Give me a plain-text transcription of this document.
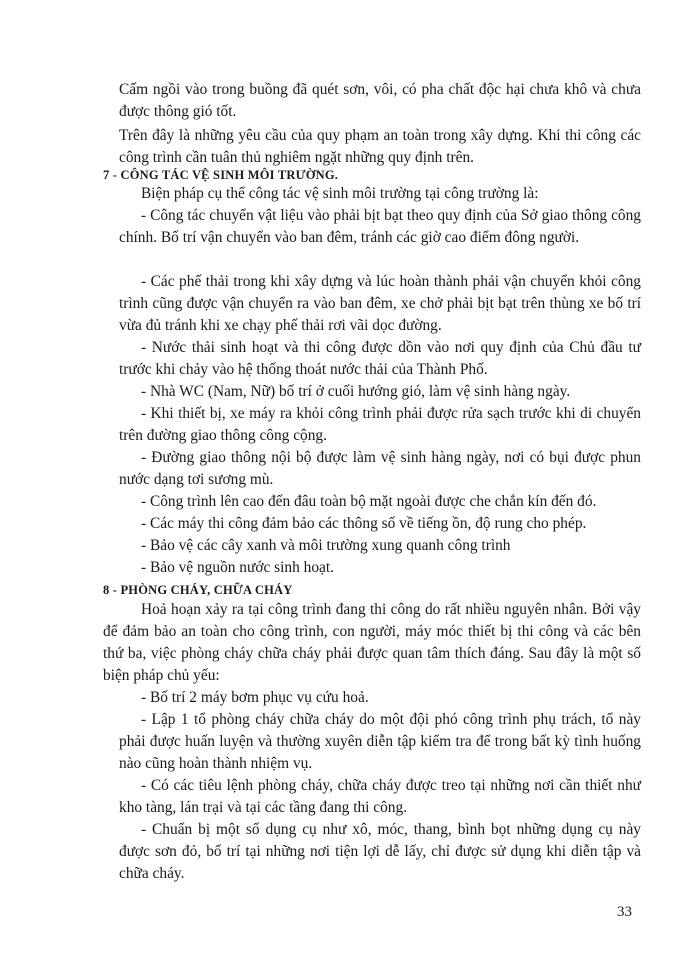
Cấm ngồi vào trong buồng đã quét sơn, vôi, có pha chất độc hại chưa khô và chưa được thông gió tốt.

Trên đây là những yêu cầu của quy phạm an toàn trong xây dựng. Khi thi công các công trình cần tuân thủ nghiêm ngặt những quy định trên.

7 - CÔNG TÁC VỆ SINH MÔI TRƯỜNG.

Biện pháp cụ thể công tác vệ sinh môi trường tại công trường là:

- Công tác chuyển vật liệu vào phải bịt bạt theo quy định của Sở giao thông công chính. Bố trí vận chuyển vào ban đêm, tránh các giờ cao điểm đông người.

- Các phế thải trong khi xây dựng và lúc hoàn thành phải vận chuyển khỏi công trình cũng được vận chuyển ra vào ban đêm, xe chở phải bịt bạt trên thùng xe bố trí vừa đủ tránh khi xe chạy phế thải rơi vãi dọc đường.

- Nước thải sinh hoạt và thi công được dồn vào nơi quy định của Chủ đầu tư trước khi chảy vào hệ thống thoát nước thải của Thành Phố.

- Nhà WC (Nam, Nữ) bố trí ở cuối hướng gió, làm vệ sinh hàng ngày.

- Khi thiết bị, xe máy ra khỏi công trình phải được rửa sạch trước khi di chuyển trên đường giao thông công cộng.

- Đường giao thông nội bộ được làm vệ sinh hàng ngày, nơi có bụi được phun nước dạng tơi sương mù.

- Công trình lên cao đến đâu toàn bộ mặt ngoài được che chắn kín đến đó.

- Các máy thi công đảm bảo các thông số về tiếng ồn, độ rung cho phép.

- Bảo vệ các cây xanh và môi trường xung quanh công trình

- Bảo vệ nguồn nước sinh hoạt.

8 - PHÒNG CHÁY, CHỮA CHÁY

Hoả hoạn xảy ra tại công trình đang thi công do rất nhiều nguyên nhân. Bởi vậy để đảm bảo an toàn cho công trình, con người, máy móc thiết bị thi công và các bên thứ ba, việc phòng cháy chữa cháy phải được quan tâm thích đáng. Sau đây là một số biện pháp chủ yếu:

- Bố trí 2 máy bơm phục vụ cứu hoả.

- Lập 1 tổ phòng cháy chữa cháy do một đội phó công trình phụ trách, tổ này phải được huấn luyện và thường xuyên diễn tập kiểm tra để trong bất kỳ tình huống nào cũng hoàn thành nhiệm vụ.

- Có các tiêu lệnh phòng cháy, chữa cháy được treo tại những nơi cần thiết như kho tàng, lán trại và tại các tầng đang thi công.

- Chuẩn bị một số dụng cụ như xô, móc, thang, bình bọt những dụng cụ này được sơn đỏ, bố trí tại những nơi tiện lợi dễ lấy, chỉ được sử dụng khi diễn tập và chữa cháy.

33
